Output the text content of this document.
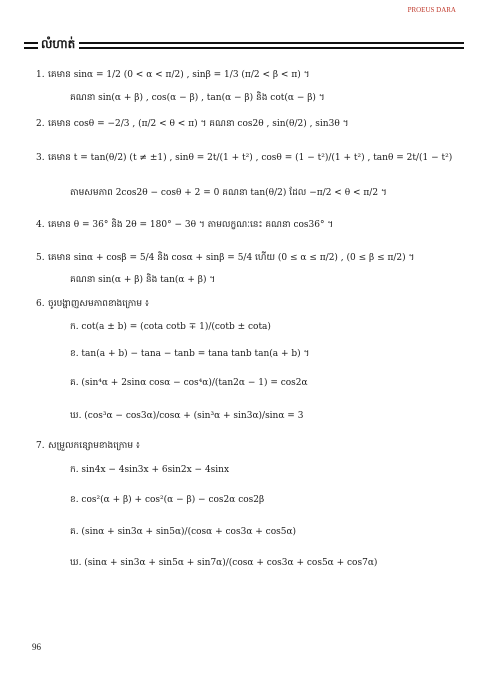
PROEUS DARA
លំហាត់
1. គេមាន sinα = 1/2 (0 < α < π/2) , sinβ = 1/3 (π/2 < β < π) ។
គណនា sin(α + β) , cos(α − β) , tan(α − β) និង cot(α − β) ។
2. គេមាន cosθ = −2/3 , (π/2 < θ < π) ។ គណនា cos2θ , sin(θ/2) , sin3θ ។
3. គេមាន t = tan(θ/2) (t ≠ ±1) , sinθ = 2t/(1 + t²) , cosθ = (1 − t²)/(1 + t²) , tanθ = 2t/(1 − t²)
តាមសមភាព 2cos2θ − cosθ + 2 = 0 គណនា tan(θ/2) ដែល −π/2 < θ < π/2 ។
4. គេមាន θ = 36° និង 2θ = 180° − 3θ ។ តាមលក្ខណៈនេះ គណនា cos36° ។
5. គេមាន sinα + cosβ = 5/4 និង cosα + sinβ = 5/4 ហើយ (0 ≤ α ≤ π/2) , (0 ≤ β ≤ π/2) ។
គណនា sin(α + β) និង tan(α + β) ។
6. ចូរបង្ហាញសមភាពខាងក្រោម ៖
ក. cot(a ± b) = (cota cotb ∓ 1)/(cotb ± cota)
ខ. tan(a + b) − tana − tanb = tana tanb tan(a + b) ។
គ. (sin⁴α + 2sinα cosα − cos⁴α)/(tan2α − 1) = cos2α
ឃ. (cos³α − cos3α)/cosα + (sin³α + sin3α)/sinα = 3
7. សម្រួលកន្សោមខាងក្រោម ៖
ក. sin4x − 4sin3x + 6sin2x − 4sinx
ខ. cos²(α + β) + cos²(α − β) − cos2α cos2β
គ. (sinα + sin3α + sin5α)/(cosα + cos3α + cos5α)
ឃ. (sinα + sin3α + sin5α + sin7α)/(cosα + cos3α + cos5α + cos7α)
96
